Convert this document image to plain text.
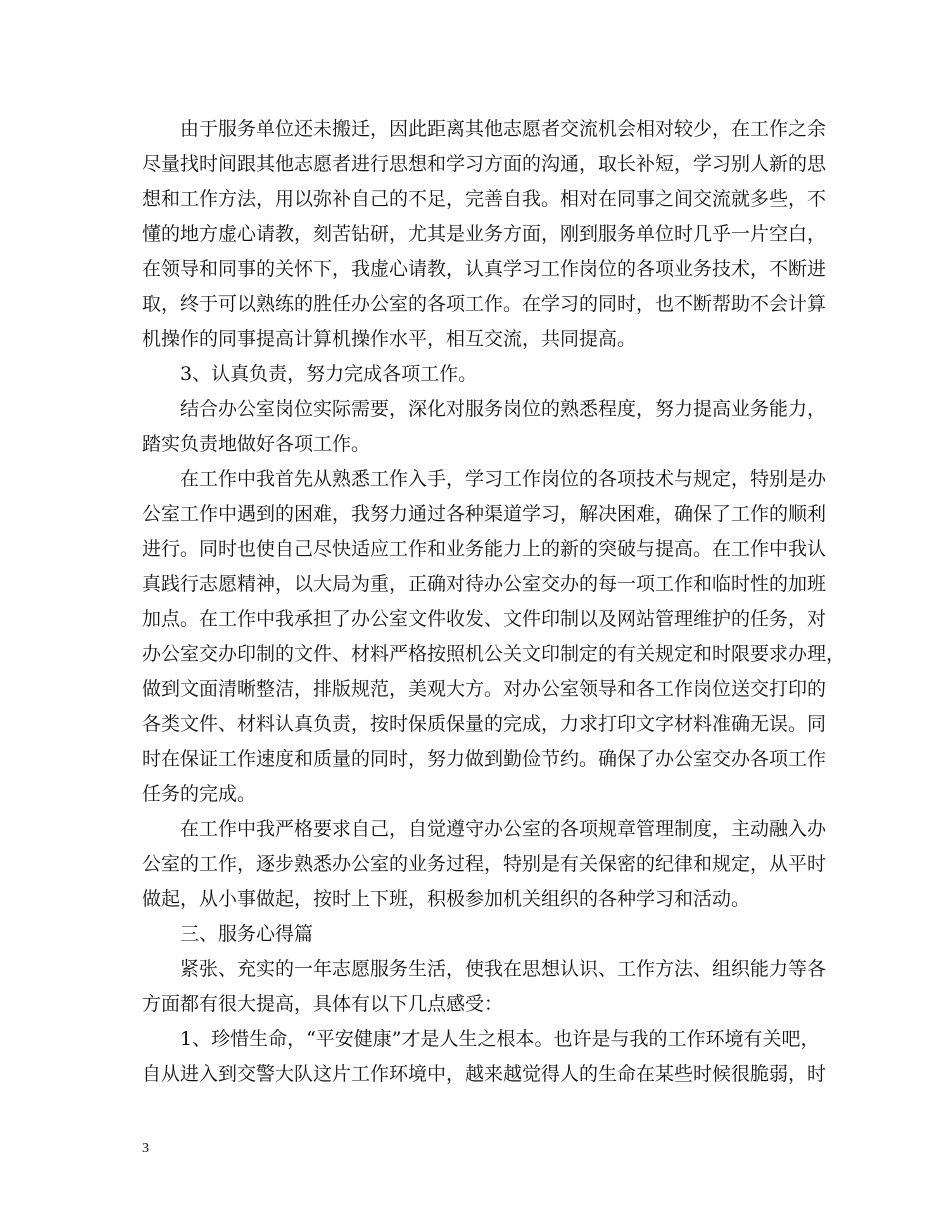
由于服务单位还未搬迁，因此距离其他志愿者交流机会相对较少，在工作之余
尽量找时间跟其他志愿者进行思想和学习方面的沟通，取长补短，学习别人新的思
想和工作方法，用以弥补自己的不足，完善自我。相对在同事之间交流就多些，不
懂的地方虚心请教，刻苦钻研，尤其是业务方面，刚到服务单位时几乎一片空白，
在领导和同事的关怀下，我虚心请教，认真学习工作岗位的各项业务技术，不断进
取，终于可以熟练的胜任办公室的各项工作。在学习的同时，也不断帮助不会计算
机操作的同事提高计算机操作水平，相互交流，共同提高。
3、认真负责，努力完成各项工作。
结合办公室岗位实际需要，深化对服务岗位的熟悉程度，努力提高业务能力，
踏实负责地做好各项工作。
在工作中我首先从熟悉工作入手，学习工作岗位的各项技术与规定，特别是办
公室工作中遇到的困难，我努力通过各种渠道学习，解决困难，确保了工作的顺利
进行。同时也使自己尽快适应工作和业务能力上的新的突破与提高。在工作中我认
真践行志愿精神，以大局为重，正确对待办公室交办的每一项工作和临时性的加班
加点。在工作中我承担了办公室文件收发、文件印制以及网站管理维护的任务，对
办公室交办印制的文件、材料严格按照机公关文印制定的有关规定和时限要求办理，
做到文面清晰整洁，排版规范，美观大方。对办公室领导和各工作岗位送交打印的
各类文件、材料认真负责，按时保质保量的完成，力求打印文字材料准确无误。同
时在保证工作速度和质量的同时，努力做到勤俭节约。确保了办公室交办各项工作
任务的完成。
在工作中我严格要求自己，自觉遵守办公室的各项规章管理制度，主动融入办
公室的工作，逐步熟悉办公室的业务过程，特别是有关保密的纪律和规定，从平时
做起，从小事做起，按时上下班，积极参加机关组织的各种学习和活动。
三、服务心得篇
紧张、充实的一年志愿服务生活，使我在思想认识、工作方法、组织能力等各
方面都有很大提高，具体有以下几点感受：
1、珍惜生命，“平安健康”才是人生之根本。也许是与我的工作环境有关吧，
自从进入到交警大队这片工作环境中，越来越觉得人的生命在某些时候很脆弱，时
3
